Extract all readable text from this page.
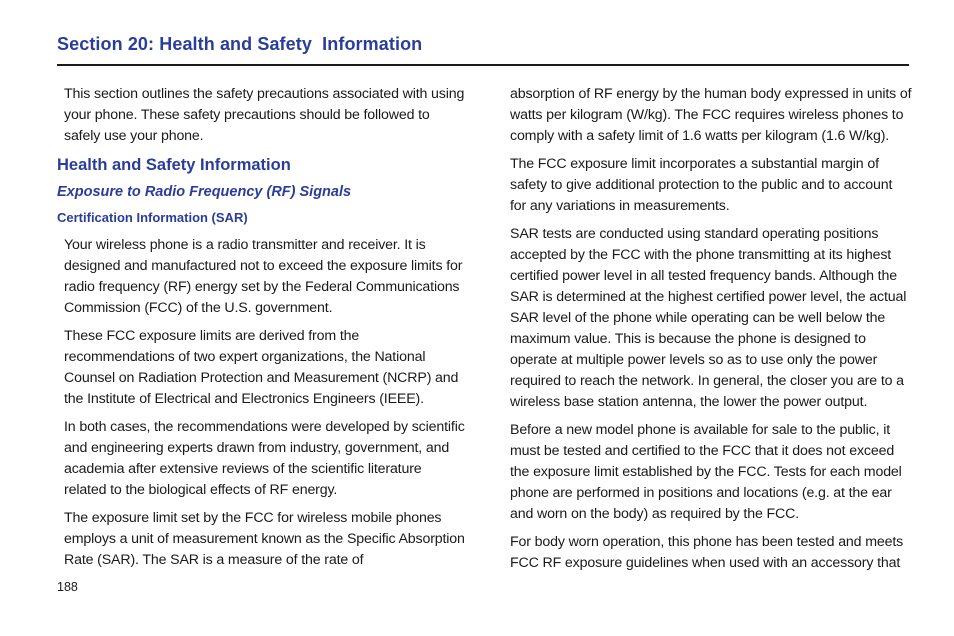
Section 20: Health and Safety  Information

This section outlines the safety precautions associated with using your phone. These safety precautions should be followed to safely use your phone.

Health and Safety Information
Exposure to Radio Frequency (RF) Signals
Certification Information (SAR)

Your wireless phone is a radio transmitter and receiver. It is designed and manufactured not to exceed the exposure limits for radio frequency (RF) energy set by the Federal Communications Commission (FCC) of the U.S. government.

These FCC exposure limits are derived from the recommendations of two expert organizations, the National Counsel on Radiation Protection and Measurement (NCRP) and the Institute of Electrical and Electronics Engineers (IEEE).

In both cases, the recommendations were developed by scientific and engineering experts drawn from industry, government, and academia after extensive reviews of the scientific literature related to the biological effects of RF energy.

The exposure limit set by the FCC for wireless mobile phones employs a unit of measurement known as the Specific Absorption Rate (SAR). The SAR is a measure of the rate of

absorption of RF energy by the human body expressed in units of watts per kilogram (W/kg). The FCC requires wireless phones to comply with a safety limit of 1.6 watts per kilogram (1.6 W/kg).

The FCC exposure limit incorporates a substantial margin of safety to give additional protection to the public and to account for any variations in measurements.

SAR tests are conducted using standard operating positions accepted by the FCC with the phone transmitting at its highest certified power level in all tested frequency bands. Although the SAR is determined at the highest certified power level, the actual SAR level of the phone while operating can be well below the maximum value. This is because the phone is designed to operate at multiple power levels so as to use only the power required to reach the network. In general, the closer you are to a wireless base station antenna, the lower the power output.

Before a new model phone is available for sale to the public, it must be tested and certified to the FCC that it does not exceed the exposure limit established by the FCC. Tests for each model phone are performed in positions and locations (e.g. at the ear and worn on the body) as required by the FCC.

For body worn operation, this phone has been tested and meets FCC RF exposure guidelines when used with an accessory that

188
